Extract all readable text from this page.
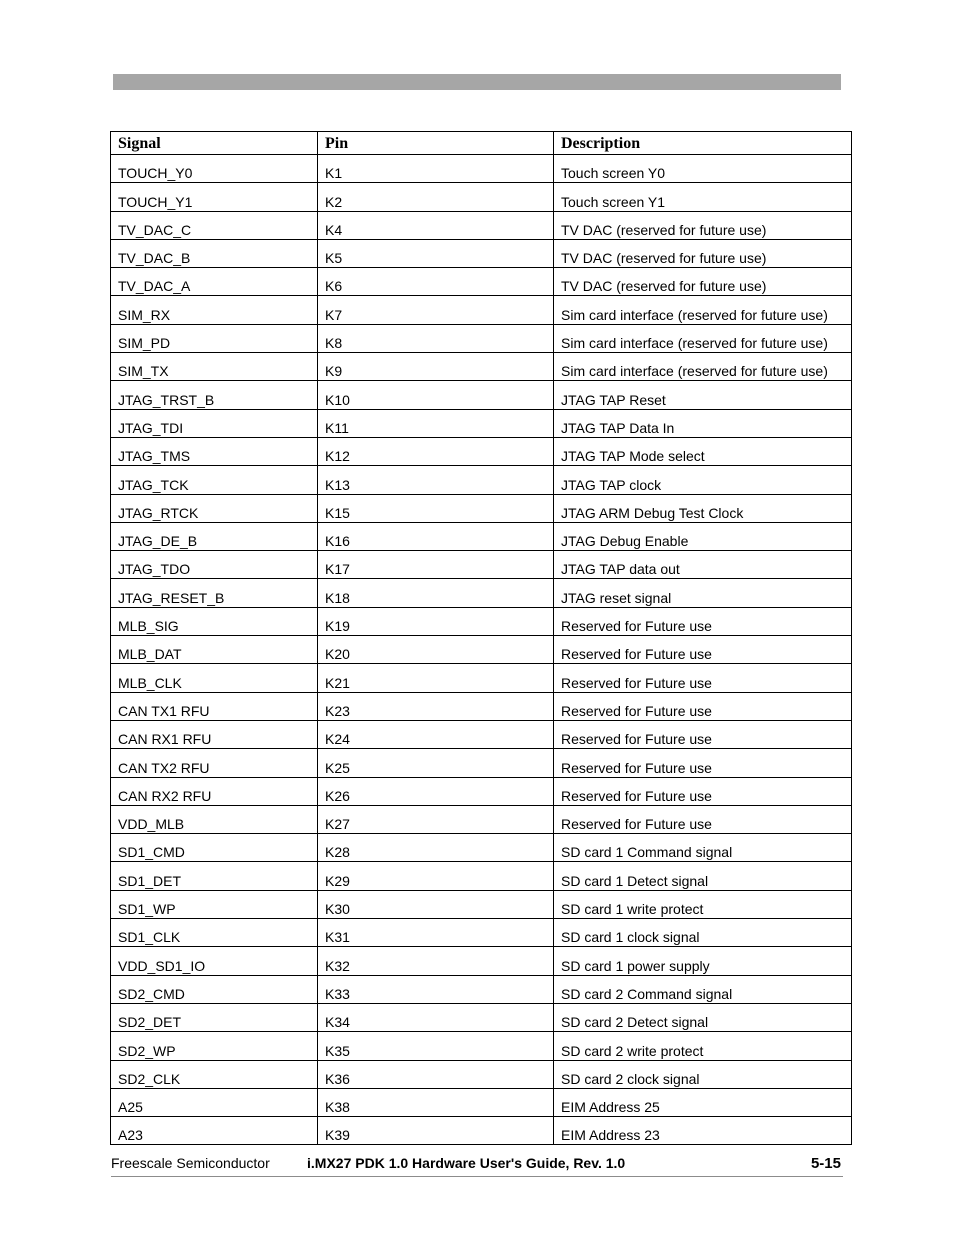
Signal	Pin	Description
TOUCH_Y0	K1	Touch screen Y0
TOUCH_Y1	K2	Touch screen Y1
TV_DAC_C	K4	TV DAC (reserved for future use)
TV_DAC_B	K5	TV DAC (reserved for future use)
TV_DAC_A	K6	TV DAC (reserved for future use)
SIM_RX	K7	Sim card interface (reserved for future use)
SIM_PD	K8	Sim card interface (reserved for future use)
SIM_TX	K9	Sim card interface (reserved for future use)
JTAG_TRST_B	K10	JTAG TAP Reset
JTAG_TDI	K11	JTAG TAP Data In
JTAG_TMS	K12	JTAG TAP Mode select
JTAG_TCK	K13	JTAG TAP clock
JTAG_RTCK	K15	JTAG ARM Debug Test Clock
JTAG_DE_B	K16	JTAG Debug Enable
JTAG_TDO	K17	JTAG TAP data out
JTAG_RESET_B	K18	JTAG reset signal
MLB_SIG	K19	Reserved for Future use
MLB_DAT	K20	Reserved for Future use
MLB_CLK	K21	Reserved for Future use
CAN TX1 RFU	K23	Reserved for Future use
CAN RX1 RFU	K24	Reserved for Future use
CAN TX2 RFU	K25	Reserved for Future use
CAN RX2 RFU	K26	Reserved for Future use
VDD_MLB	K27	Reserved for Future use
SD1_CMD	K28	SD card 1 Command signal
SD1_DET	K29	SD card 1 Detect signal
SD1_WP	K30	SD card 1 write protect
SD1_CLK	K31	SD card 1 clock signal
VDD_SD1_IO	K32	SD card 1 power supply
SD2_CMD	K33	SD card 2 Command signal
SD2_DET	K34	SD card 2 Detect signal
SD2_WP	K35	SD card 2 write protect
SD2_CLK	K36	SD card 2 clock signal
A25	K38	EIM Address 25
A23	K39	EIM Address 23
Freescale Semiconductor	i.MX27 PDK 1.0 Hardware User's Guide, Rev. 1.0	5-15
